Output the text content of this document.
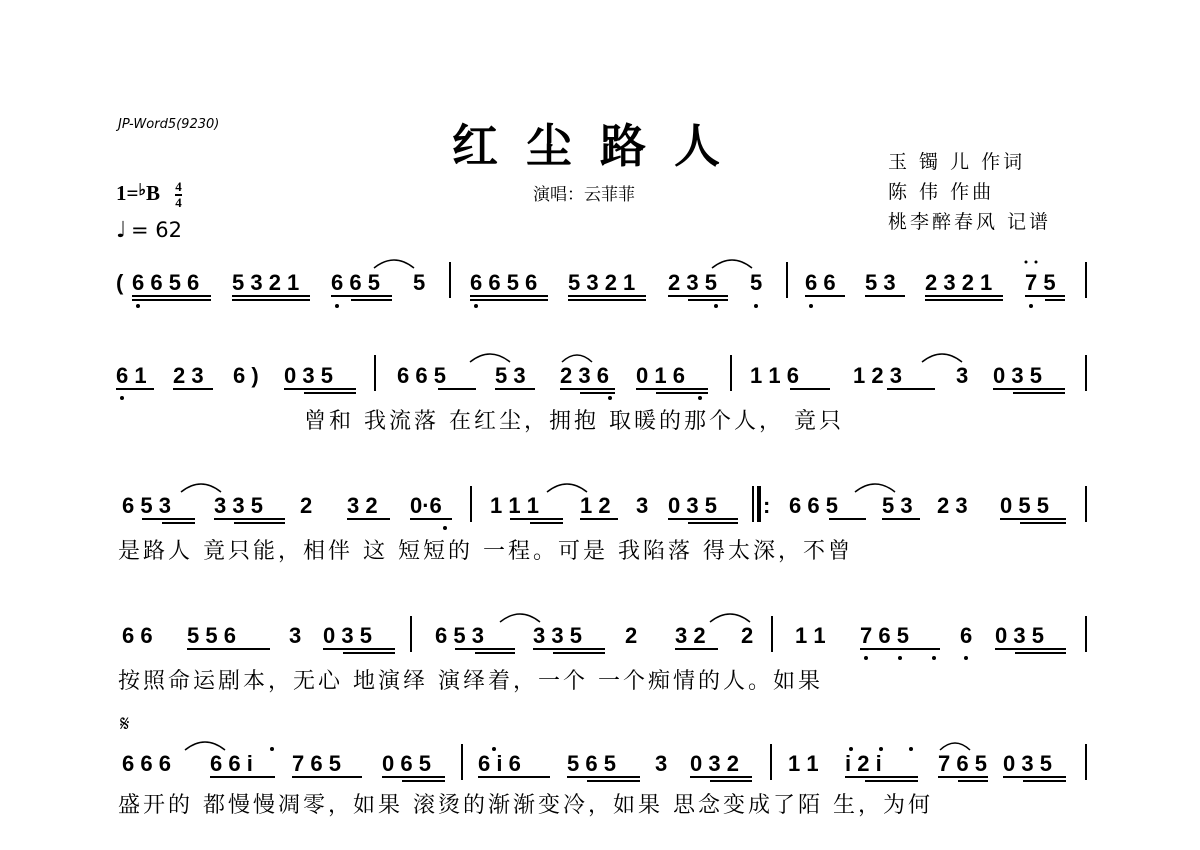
JP-Word5(9230)	红尘路人
演唱：云菲菲
玉 镯 儿 作词
陈 伟 作曲
桃李醉春风 记谱
$1=^♭B \frac{4}{4}$
♩ = 62
( 6 6 5 6 5 3 2 1 6 6 5 5 6 6 5 6 5 3 2 1 2 3 5 5 6 6 5 3 2 3 2 1 7 5
6 1 2 3 6 ) 0 3 5	6 6 5 5 3 2 3 6 0 1 6	1 1 6 1 2 3 3 0 3 5
曾和 我流落 在红尘，拥抱 取暖的那个人， 竟只
6 5 3 3 3 5 2 3 2 0·6 1 1 1 1 2 3 0 3 5 : 6 6 5 5 3 2 3 0 5 5
是路人 竟只能，相伴 这 短短的 一程。可是 我陷落 得太深，不曾
6 6 5 5 6 3 0 3 5	6 5 3 3 3 5 2 3 2 2 1 1 7 6 5 6 0 3 5
按照命运剧本，无心 地演绎 演绎着，一个 一个痴情的人。如果
𝄋
6 6 6 6 6 i 7 6 5 0 6 5 6 i 6 5 6 5 3 0 3 2 1 1 i 2 i	7 6 5 0 3 5
盛开的 都慢慢凋零，如果 滚烫的渐渐变冷，如果 思念变成了陌 生，为何
